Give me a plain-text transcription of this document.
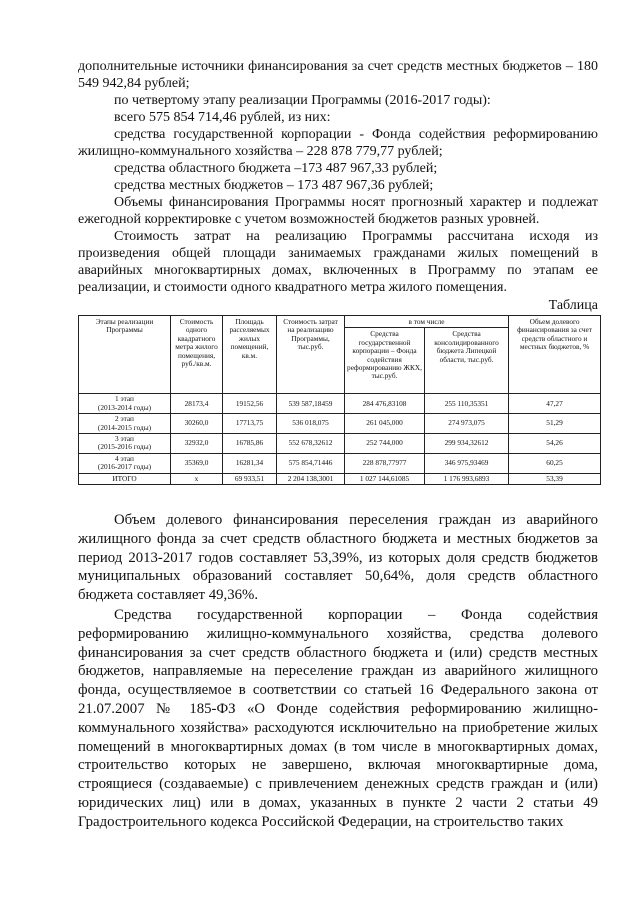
дополнительные источники финансирования за счет средств местных бюджетов – 180 549 942,84 рублей;

по четвертому этапу реализации Программы (2016-2017 годы):

всего 575 854 714,46 рублей, из них:

средства государственной корпорации - Фонда содействия реформированию жилищно-коммунального хозяйства – 228 878 779,77 рублей;

средства областного бюджета –173 487 967,33 рублей;

средства местных бюджетов – 173 487 967,36 рублей;

Объемы финансирования Программы носят прогнозный характер и подлежат ежегодной корректировке с учетом возможностей бюджетов разных уровней.

Стоимость затрат на реализацию Программы рассчитана исходя из произведения общей площади занимаемых гражданами жилых помещений в аварийных многоквартирных домах, включенных в Программу по этапам ее реализации, и стоимости одного квадратного метра жилого помещения.

Таблица

Этапы реализации Программы	Стоимость одного квадратного метра жилого помещения, руб./кв.м.	Площадь расселяемых жилых помещений, кв.м.	Стоимость затрат на реализацию Программы, тыс.руб.	в том числе		Объем долевого финансирования за счет средств областного и местных бюджетов, %
				Средства государственной корпорации – Фонда содействия реформированию ЖКХ, тыс.руб.	Средства консолидированного бюджета Липецкой области, тыс.руб.	

1 этап
(2013-2014 годы)	28173,4	19152,56	539 587,18459	284 476,83108	255 110,35351	47,27

2 этап
(2014-2015 годы)	30260,0	17713,75	536 018,075	261 045,000	274 973,075	51,29

3 этап
(2015-2016 годы)	32932,0	16785,86	552 678,32612	252 744,000	299 934,32612	54,26

4 этап
(2016-2017 годы)	35369,0	16281,34	575 854,71446	228 878,77977	346 975,93469	60,25
ИТОГО	х	69 933,51	2 204 138,3001	1 027 144,61085	1 176 993,6893	53,39

Объем долевого финансирования переселения граждан из аварийного жилищного фонда за счет средств областного бюджета и местных бюджетов за период 2013-2017 годов составляет 53,39%, из которых доля средств бюджетов муниципальных образований составляет 50,64%, доля средств областного бюджета составляет 49,36%.

Средства государственной корпорации – Фонда содействия реформированию жилищно-коммунального хозяйства, средства долевого финансирования за счет средств областного бюджета и (или) средств местных бюджетов, направляемые на переселение граждан из аварийного жилищного фонда, осуществляемое в соответствии со статьей 16 Федерального закона от 21.07.2007 № 185-ФЗ «О Фонде содействия реформированию жилищно-коммунального хозяйства» расходуются исключительно на приобретение жилых помещений в многоквартирных домах (в том числе в многоквартирных домах, строительство которых не завершено, включая многоквартирные дома, строящиеся (создаваемые) с привлечением денежных средств граждан и (или) юридических лиц) или в домах, указанных в пункте 2 части 2 статьи 49 Градостроительного кодекса Российской Федерации, на строительство таких
